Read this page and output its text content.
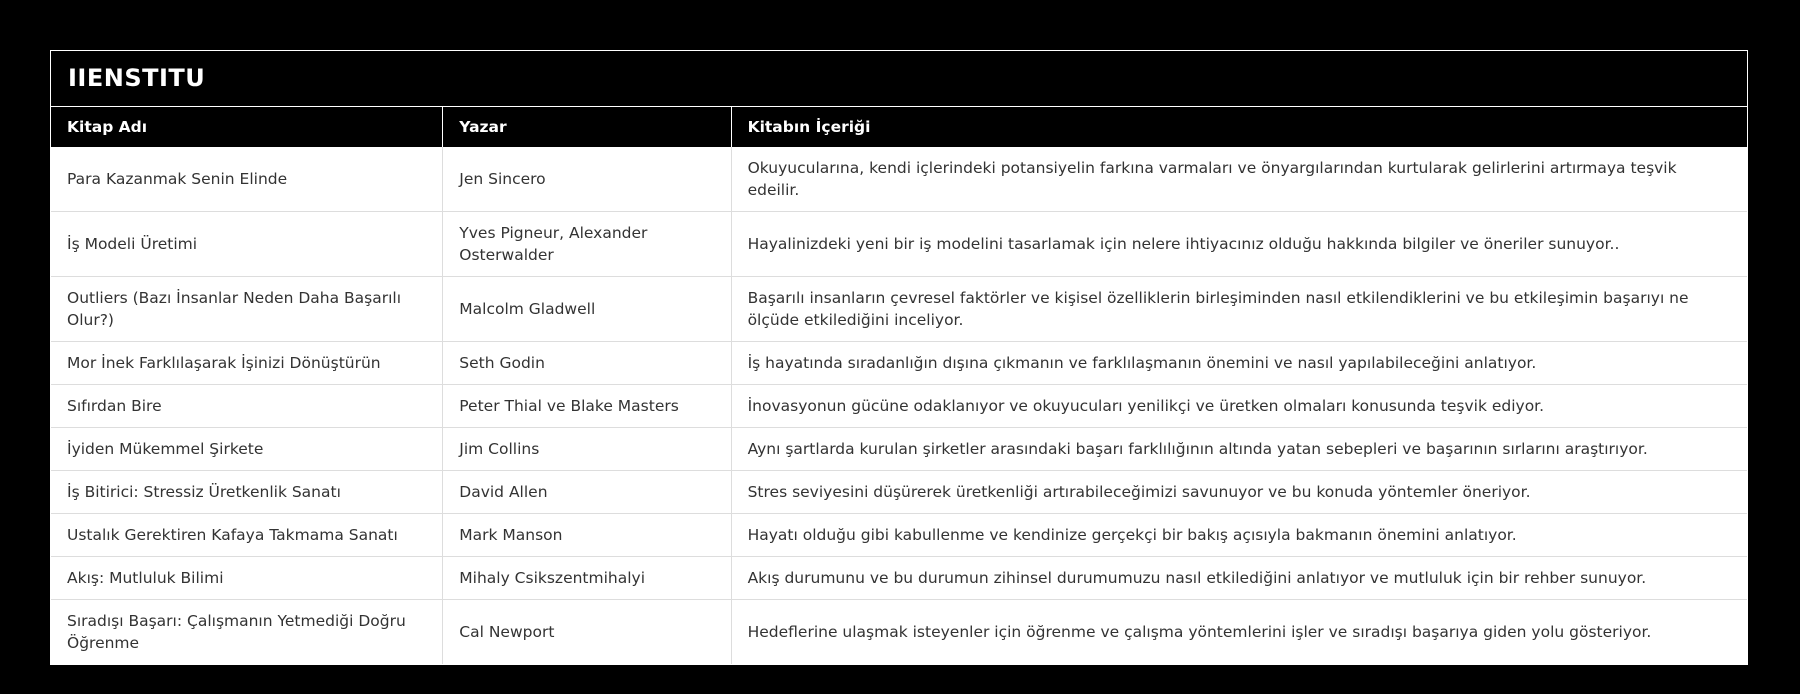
IIENSTITU
Kitap Adı	Yazar	Kitabın İçeriği
Para Kazanmak Senin Elinde	Jen Sincero	Okuyucularına, kendi içlerindeki potansiyelin farkına varmaları ve önyargılarından kurtularak gelirlerini artırmaya teşvik edeilir.
İş Modeli Üretimi	Yves Pigneur, Alexander Osterwalder	Hayalinizdeki yeni bir iş modelini tasarlamak için nelere ihtiyacınız olduğu hakkında bilgiler ve öneriler sunuyor..
Outliers (Bazı İnsanlar Neden Daha Başarılı Olur?)	Malcolm Gladwell	Başarılı insanların çevresel faktörler ve kişisel özelliklerin birleşiminden nasıl etkilendiklerini ve bu etkileşimin başarıyı ne ölçüde etkilediğini inceliyor.
Mor İnek Farklılaşarak İşinizi Dönüştürün	Seth Godin	İş hayatında sıradanlığın dışına çıkmanın ve farklılaşmanın önemini ve nasıl yapılabileceğini anlatıyor.
Sıfırdan Bire	Peter Thial ve Blake Masters	İnovasyonun gücüne odaklanıyor ve okuyucuları yenilikçi ve üretken olmaları konusunda teşvik ediyor.
İyiden Mükemmel Şirkete	Jim Collins	Aynı şartlarda kurulan şirketler arasındaki başarı farklılığının altında yatan sebepleri ve başarının sırlarını araştırıyor.
İş Bitirici: Stressiz Üretkenlik Sanatı	David Allen	Stres seviyesini düşürerek üretkenliği artırabileceğimizi savunuyor ve bu konuda yöntemler öneriyor.
Ustalık Gerektiren Kafaya Takmama Sanatı	Mark Manson	Hayatı olduğu gibi kabullenme ve kendinize gerçekçi bir bakış açısıyla bakmanın önemini anlatıyor.
Akış: Mutluluk Bilimi	Mihaly Csikszentmihalyi	Akış durumunu ve bu durumun zihinsel durumumuzu nasıl etkilediğini anlatıyor ve mutluluk için bir rehber sunuyor.
Sıradışı Başarı: Çalışmanın Yetmediği Doğru Öğrenme	Cal Newport	Hedeflerine ulaşmak isteyenler için öğrenme ve çalışma yöntemlerini işler ve sıradışı başarıya giden yolu gösteriyor.
